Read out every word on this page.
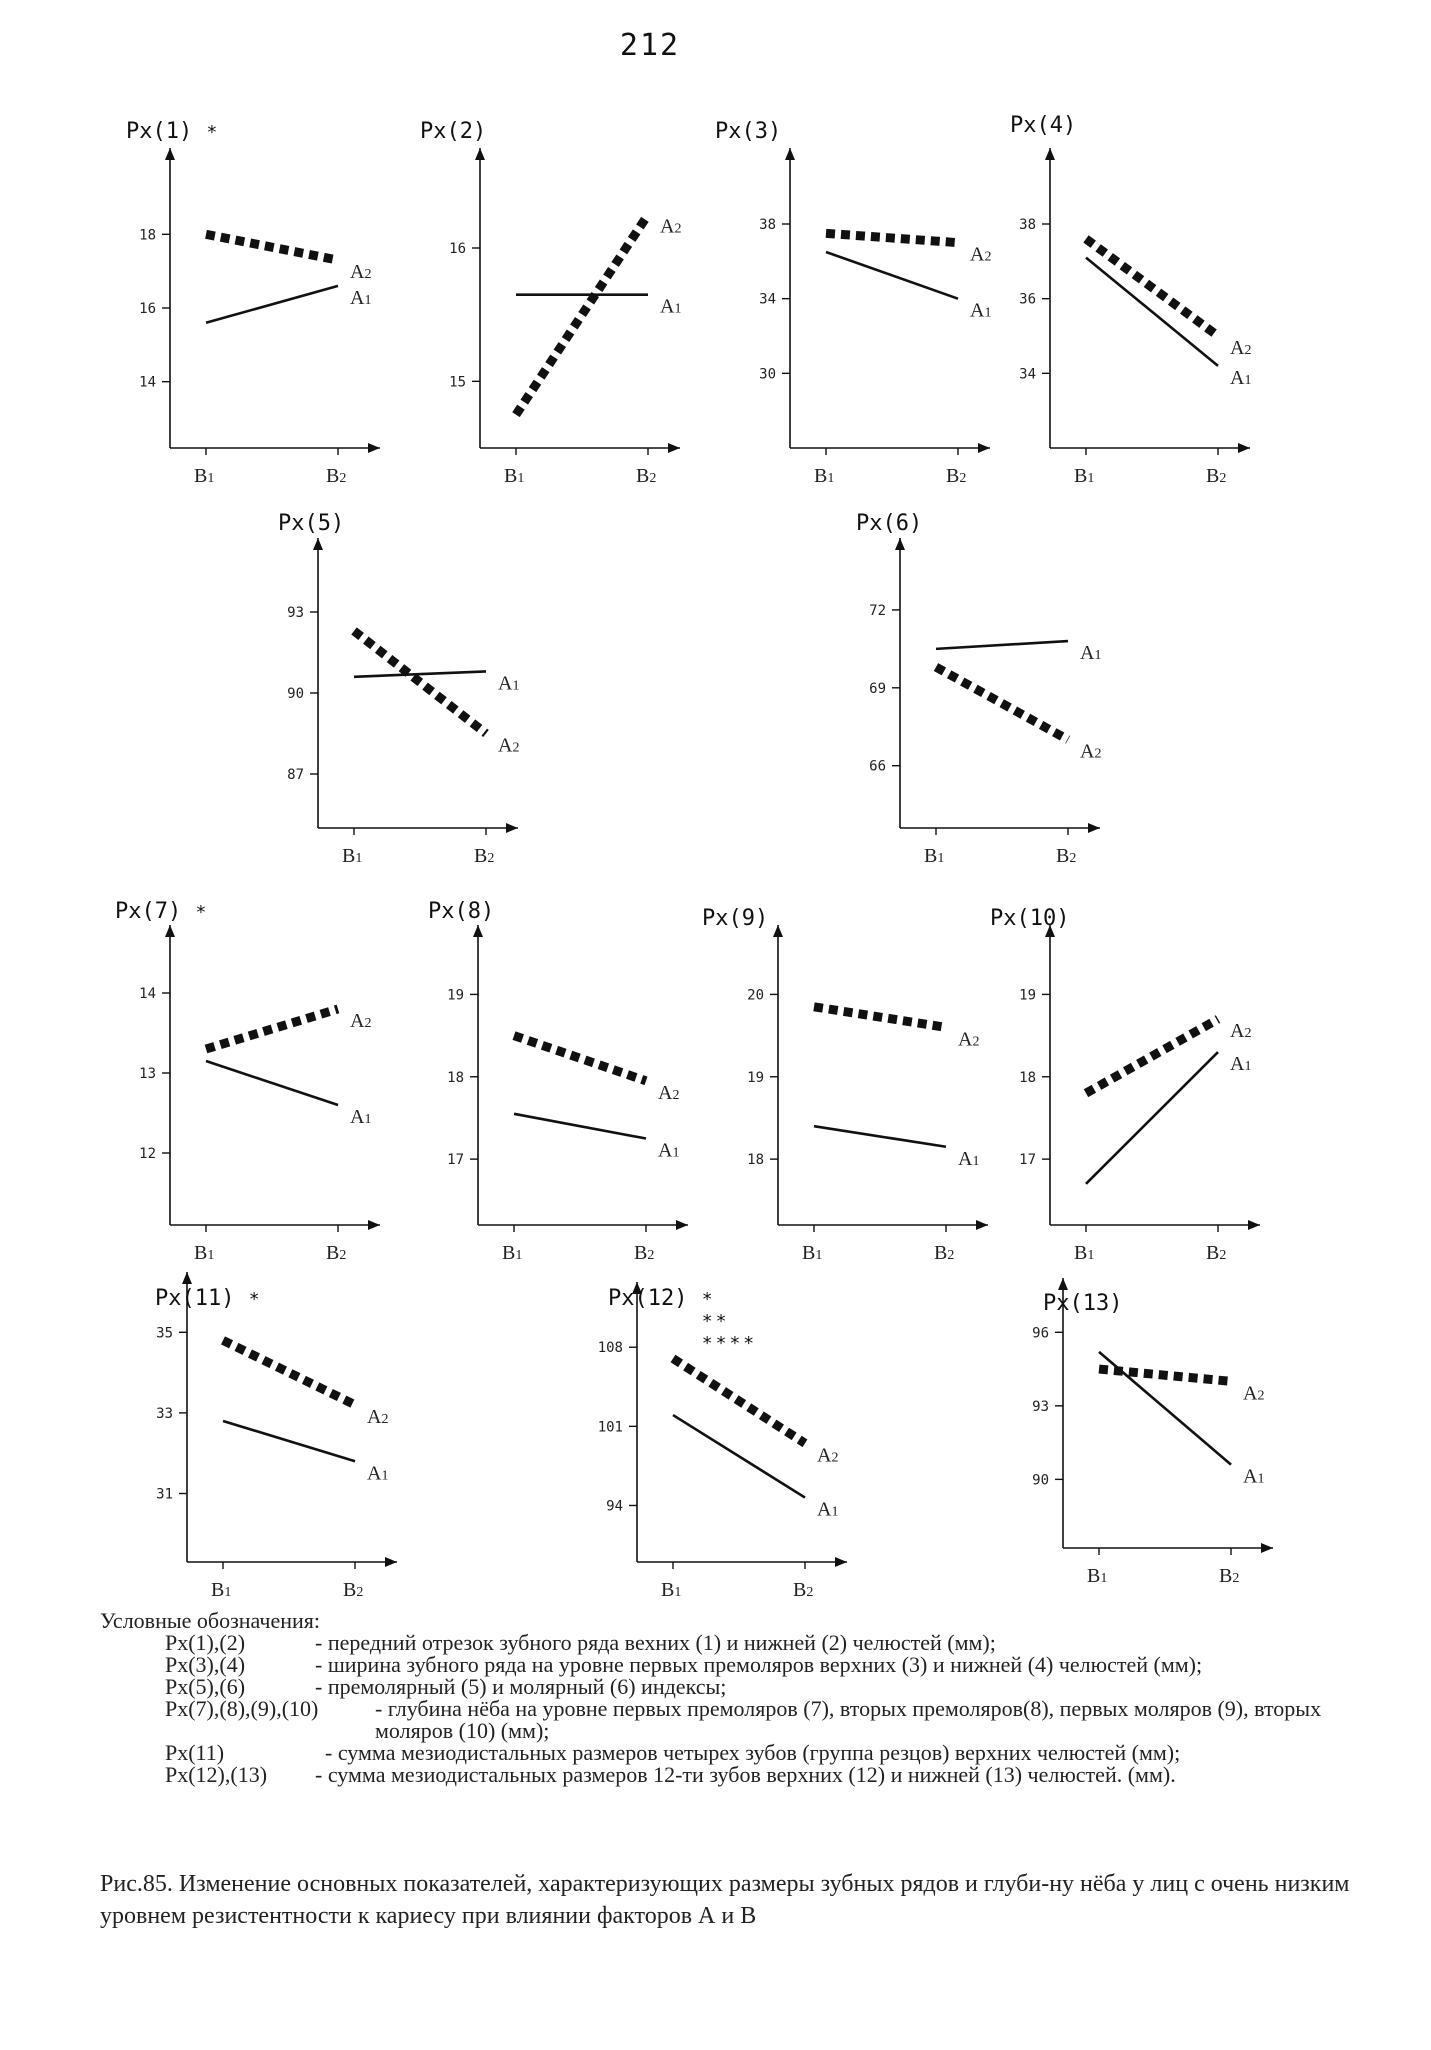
212
14
16
18
B1	B2
A2
A1
Px(1) *
15
16
B1	B2
A2
A1
Px(2)
30
34
38
B1	B2
A2
A1
Px(3)
34
36
38
B1	B2
A2
A1
Px(4)
87
90
93
B1	B2
A1
A2
Px(5)
66
69
72
B1	B2
A1
A2
Px(6)
12
13
14
B1	B2
A2
A1
Px(7) *
17
18
19
B1	B2
A2
A1
Px(8)
18
19
20
B1	B2
A2
A1
Px(9)
17
18
19
B1	B2
A2
A1
Px(10)
31
33
35
B1	B2
A2
A1
Px(11) *
94
101
108
B1	B2
A2
A1
Px(12) *
**
****
90
93
96
B1	B2
A2
A1
Px(13)
Условные обозначения:
Px(1),(2)	- передний отрезок зубного ряда вехних (1) и нижней (2) челюстей (мм);
Px(3),(4)	- ширина зубного ряда на уровне первых премоляров верхних (3) и нижней (4) челюстей (мм);
Px(5),(6)	- премолярный (5) и молярный (6) индексы;
Px(7),(8),(9),(10)	- глубина нёба на уровне первых премоляров (7), вторых премоляров(8), первых моляров (9), вторых моляров (10) (мм);
Px(11)	- сумма мезиодистальных размеров четырех зубов (группа резцов) верхних челюстей (мм);
Px(12),(13)	- сумма мезиодистальных размеров 12-ти зубов верхних (12) и нижней (13) челюстей. (мм).
Рис.85. Изменение основных показателей, характеризующих размеры зубных рядов и глуби-ну нёба у лиц с очень низким уровнем резистентности к кариесу при влиянии факторов А и В
